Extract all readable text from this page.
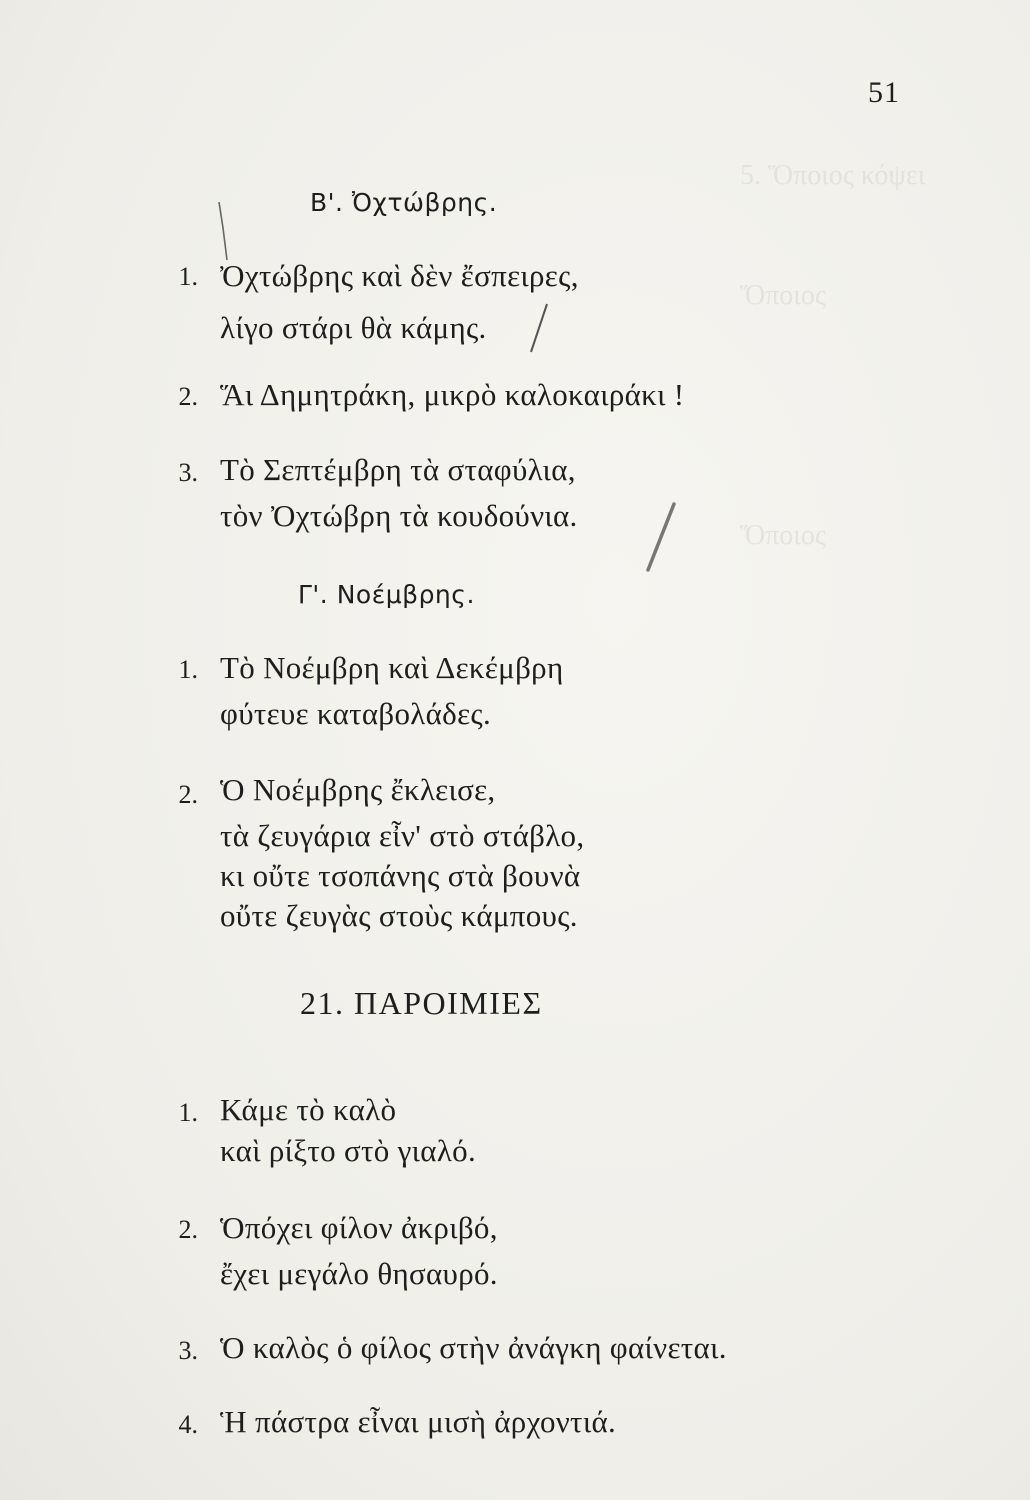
5. Ὅποιος κόψει
Ὅποιος
Ὅποιος
51
Β'. Ὀχτώβρης.
1. Ὀχτώβρης καὶ δὲν ἔσπειρες,
λίγο στάρι θὰ κάμης.
2. Ἅι Δημητράκη, μικρὸ καλοκαιράκι !
3. Τὸ Σεπτέμβρη τὰ σταφύλια,
τὸν Ὀχτώβρη τὰ κουδούνια.
Γ'. Νοέμβρης.
1. Τὸ Νοέμβρη καὶ Δεκέμβρη
φύτευε καταβολάδες.
2. Ὁ Νοέμβρης ἔκλεισε,
τὰ ζευγάρια εἶν' στὸ στάβλο,
κι οὔτε τσοπάνης στὰ βουνὰ
οὔτε ζευγὰς στοὺς κάμπους.
21. ΠΑΡΟΙΜΙΕΣ
1. Κάμε τὸ καλὸ
καὶ ρίξτο στὸ γιαλό.
2. Ὁπόχει φίλον ἀκριβό,
ἔχει μεγάλο θησαυρό.
3. Ὁ καλὸς ὁ φίλος στὴν ἀνάγκη φαίνεται.
4. Ἡ πάστρα εἶναι μισὴ ἀρχοντιά.
